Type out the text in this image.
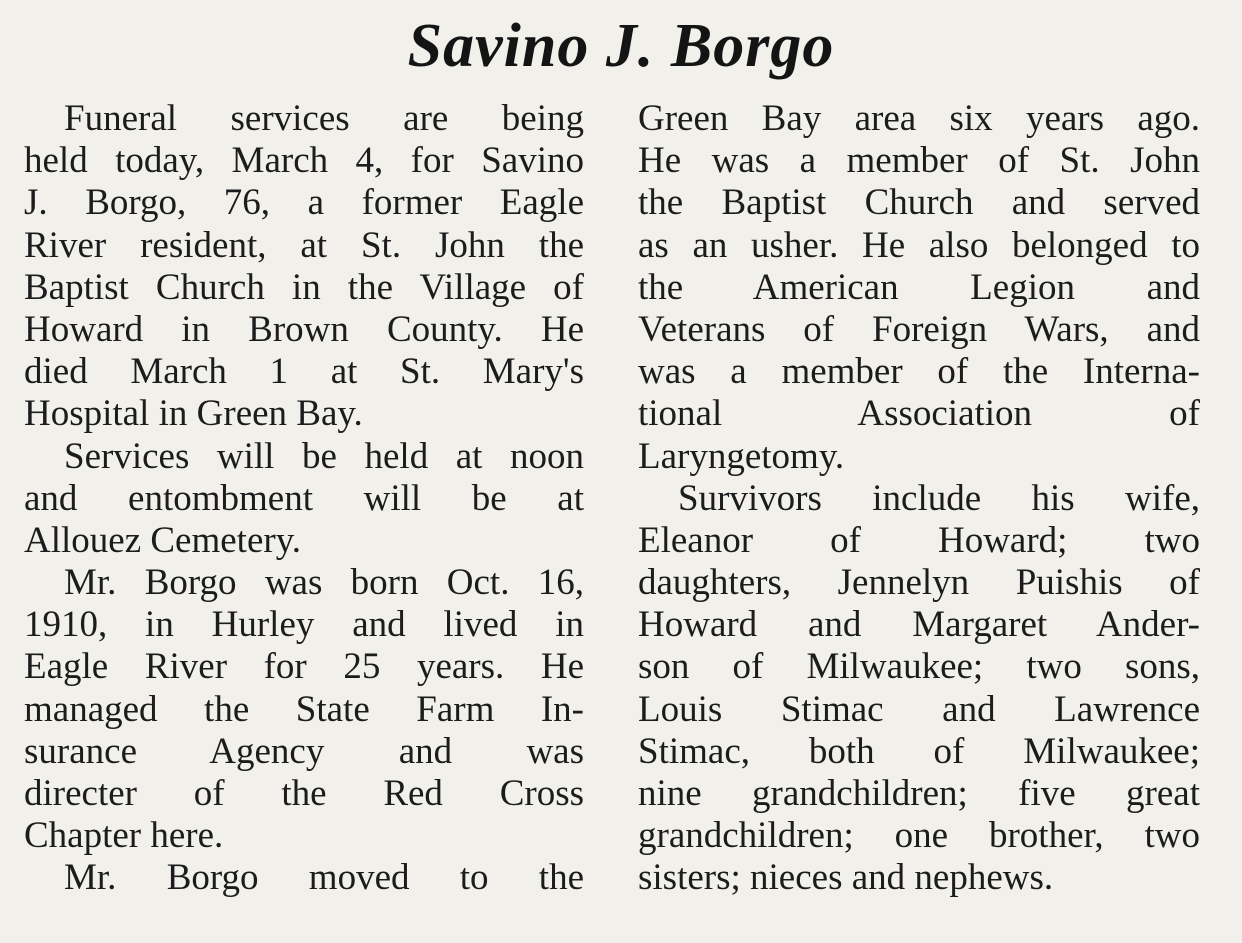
Savino J. Borgo
Funeral services are being
held today, March 4, for Savino
J. Borgo, 76, a former Eagle
River resident, at St. John the
Baptist Church in the Village of
Howard in Brown County. He
died March 1 at St. Mary's
Hospital in Green Bay.
Services will be held at noon
and entombment will be at
Allouez Cemetery.
Mr. Borgo was born Oct. 16,
1910, in Hurley and lived in
Eagle River for 25 years. He
managed the State Farm In-
surance Agency and was
directer of the Red Cross
Chapter here.
Mr. Borgo moved to the
Green Bay area six years ago.
He was a member of St. John
the Baptist Church and served
as an usher. He also belonged to
the American Legion and
Veterans of Foreign Wars, and
was a member of the Interna-
tional Association of
Laryngetomy.
Survivors include his wife,
Eleanor of Howard; two
daughters, Jennelyn Puishis of
Howard and Margaret Ander-
son of Milwaukee; two sons,
Louis Stimac and Lawrence
Stimac, both of Milwaukee;
nine grandchildren; five great
grandchildren; one brother, two
sisters; nieces and nephews.
